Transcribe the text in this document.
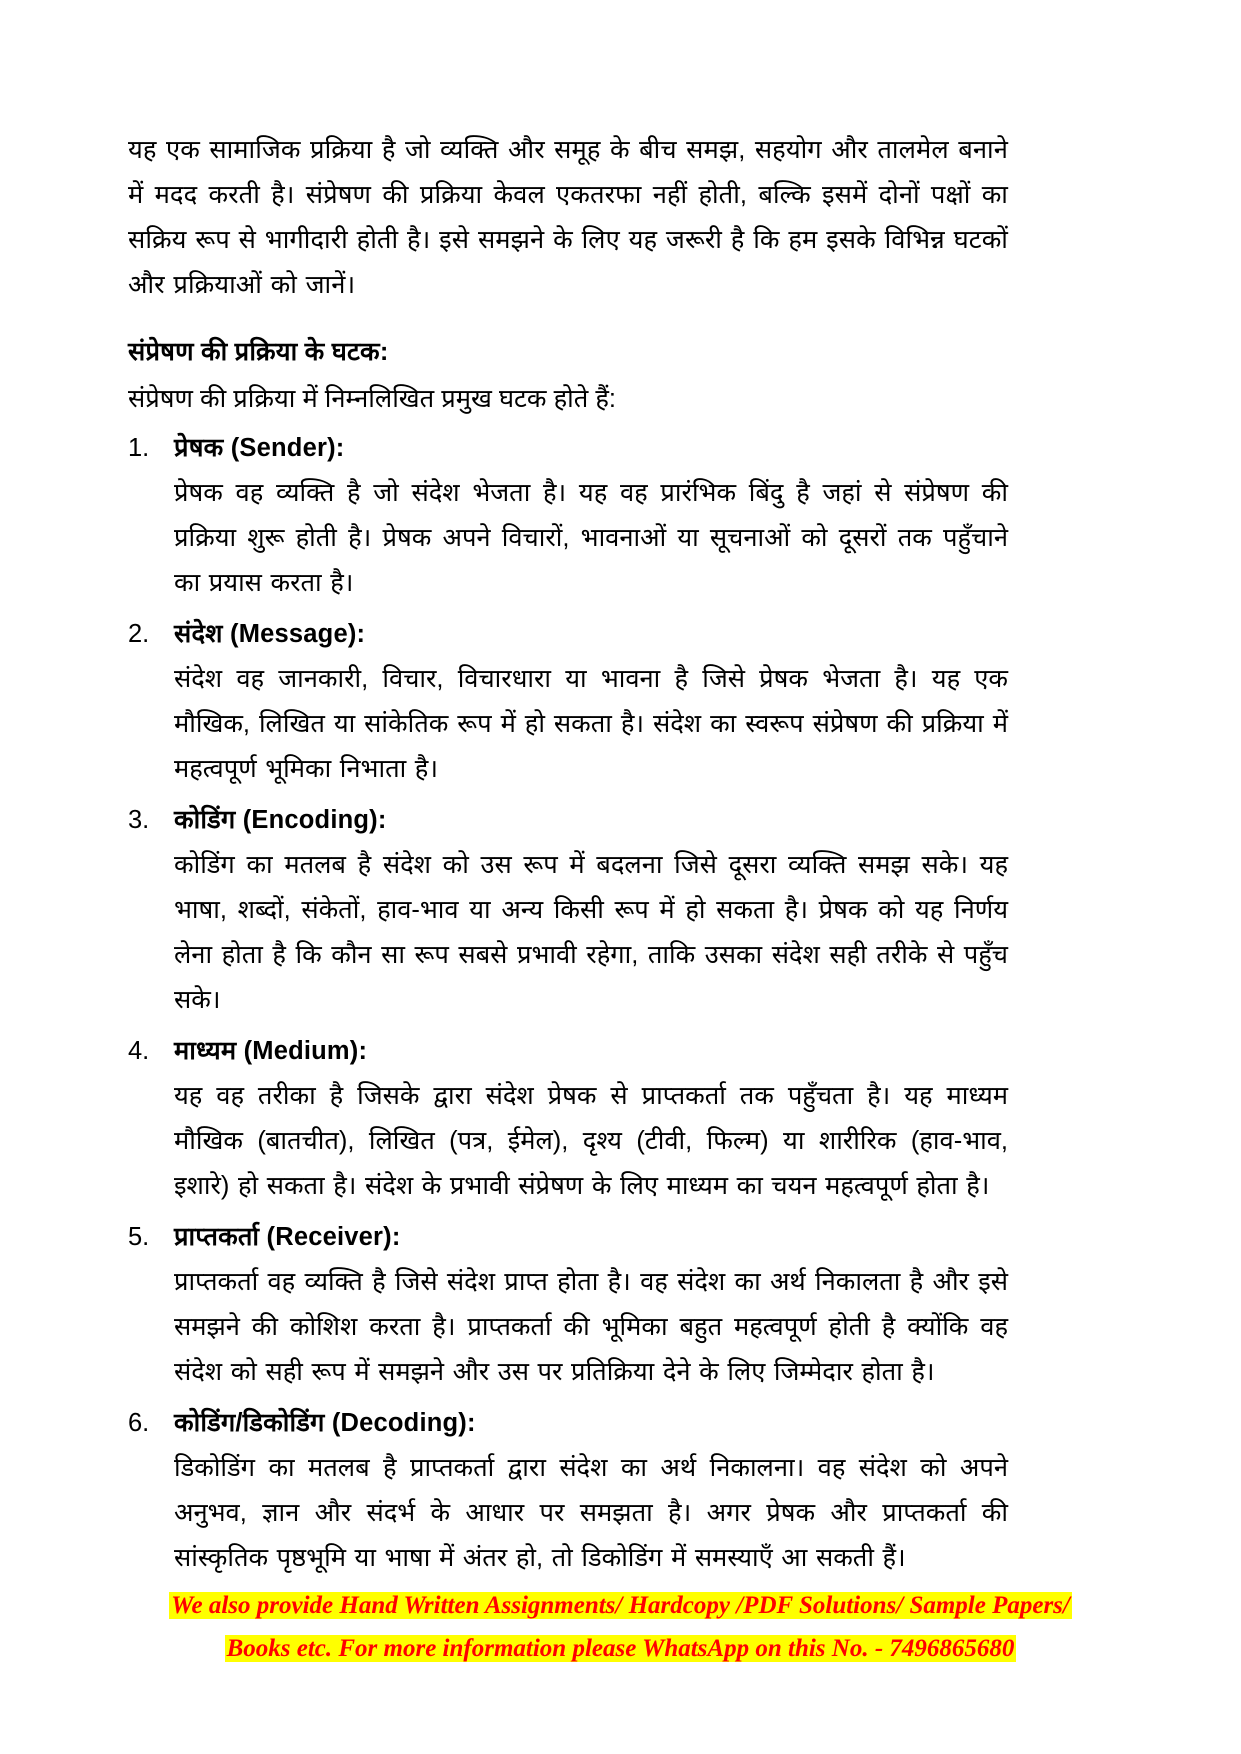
यह एक सामाजिक प्रक्रिया है जो व्यक्ति और समूह के बीच समझ, सहयोग और तालमेल बनाने में मदद करती है। संप्रेषण की प्रक्रिया केवल एकतरफा नहीं होती, बल्कि इसमें दोनों पक्षों का सक्रिय रूप से भागीदारी होती है। इसे समझने के लिए यह जरूरी है कि हम इसके विभिन्न घटकों और प्रक्रियाओं को जानें।

संप्रेषण की प्रक्रिया के घटक:

संप्रेषण की प्रक्रिया में निम्नलिखित प्रमुख घटक होते हैं:

1. प्रेषक (Sender):
प्रेषक वह व्यक्ति है जो संदेश भेजता है। यह वह प्रारंभिक बिंदु है जहां से संप्रेषण की प्रक्रिया शुरू होती है। प्रेषक अपने विचारों, भावनाओं या सूचनाओं को दूसरों तक पहुँचाने का प्रयास करता है।
2. संदेश (Message):
संदेश वह जानकारी, विचार, विचारधारा या भावना है जिसे प्रेषक भेजता है। यह एक मौखिक, लिखित या सांकेतिक रूप में हो सकता है। संदेश का स्वरूप संप्रेषण की प्रक्रिया में महत्वपूर्ण भूमिका निभाता है।
3. कोडिंग (Encoding):
कोडिंग का मतलब है संदेश को उस रूप में बदलना जिसे दूसरा व्यक्ति समझ सके। यह भाषा, शब्दों, संकेतों, हाव-भाव या अन्य किसी रूप में हो सकता है। प्रेषक को यह निर्णय लेना होता है कि कौन सा रूप सबसे प्रभावी रहेगा, ताकि उसका संदेश सही तरीके से पहुँच सके।
4. माध्यम (Medium):
यह वह तरीका है जिसके द्वारा संदेश प्रेषक से प्राप्तकर्ता तक पहुँचता है। यह माध्यम मौखिक (बातचीत), लिखित (पत्र, ईमेल), दृश्य (टीवी, फिल्म) या शारीरिक (हाव-भाव, इशारे) हो सकता है। संदेश के प्रभावी संप्रेषण के लिए माध्यम का चयन महत्वपूर्ण होता है।
5. प्राप्तकर्ता (Receiver):
प्राप्तकर्ता वह व्यक्ति है जिसे संदेश प्राप्त होता है। वह संदेश का अर्थ निकालता है और इसे समझने की कोशिश करता है। प्राप्तकर्ता की भूमिका बहुत महत्वपूर्ण होती है क्योंकि वह संदेश को सही रूप में समझने और उस पर प्रतिक्रिया देने के लिए जिम्मेदार होता है।
6. कोडिंग/डिकोडिंग (Decoding):
डिकोडिंग का मतलब है प्राप्तकर्ता द्वारा संदेश का अर्थ निकालना। वह संदेश को अपने अनुभव, ज्ञान और संदर्भ के आधार पर समझता है। अगर प्रेषक और प्राप्तकर्ता की सांस्कृतिक पृष्ठभूमि या भाषा में अंतर हो, तो डिकोडिंग में समस्याएँ आ सकती हैं।
We also provide Hand Written Assignments/ Hardcopy /PDF Solutions/ Sample Papers/
Books etc. For more information please WhatsApp on this No. - 7496865680
